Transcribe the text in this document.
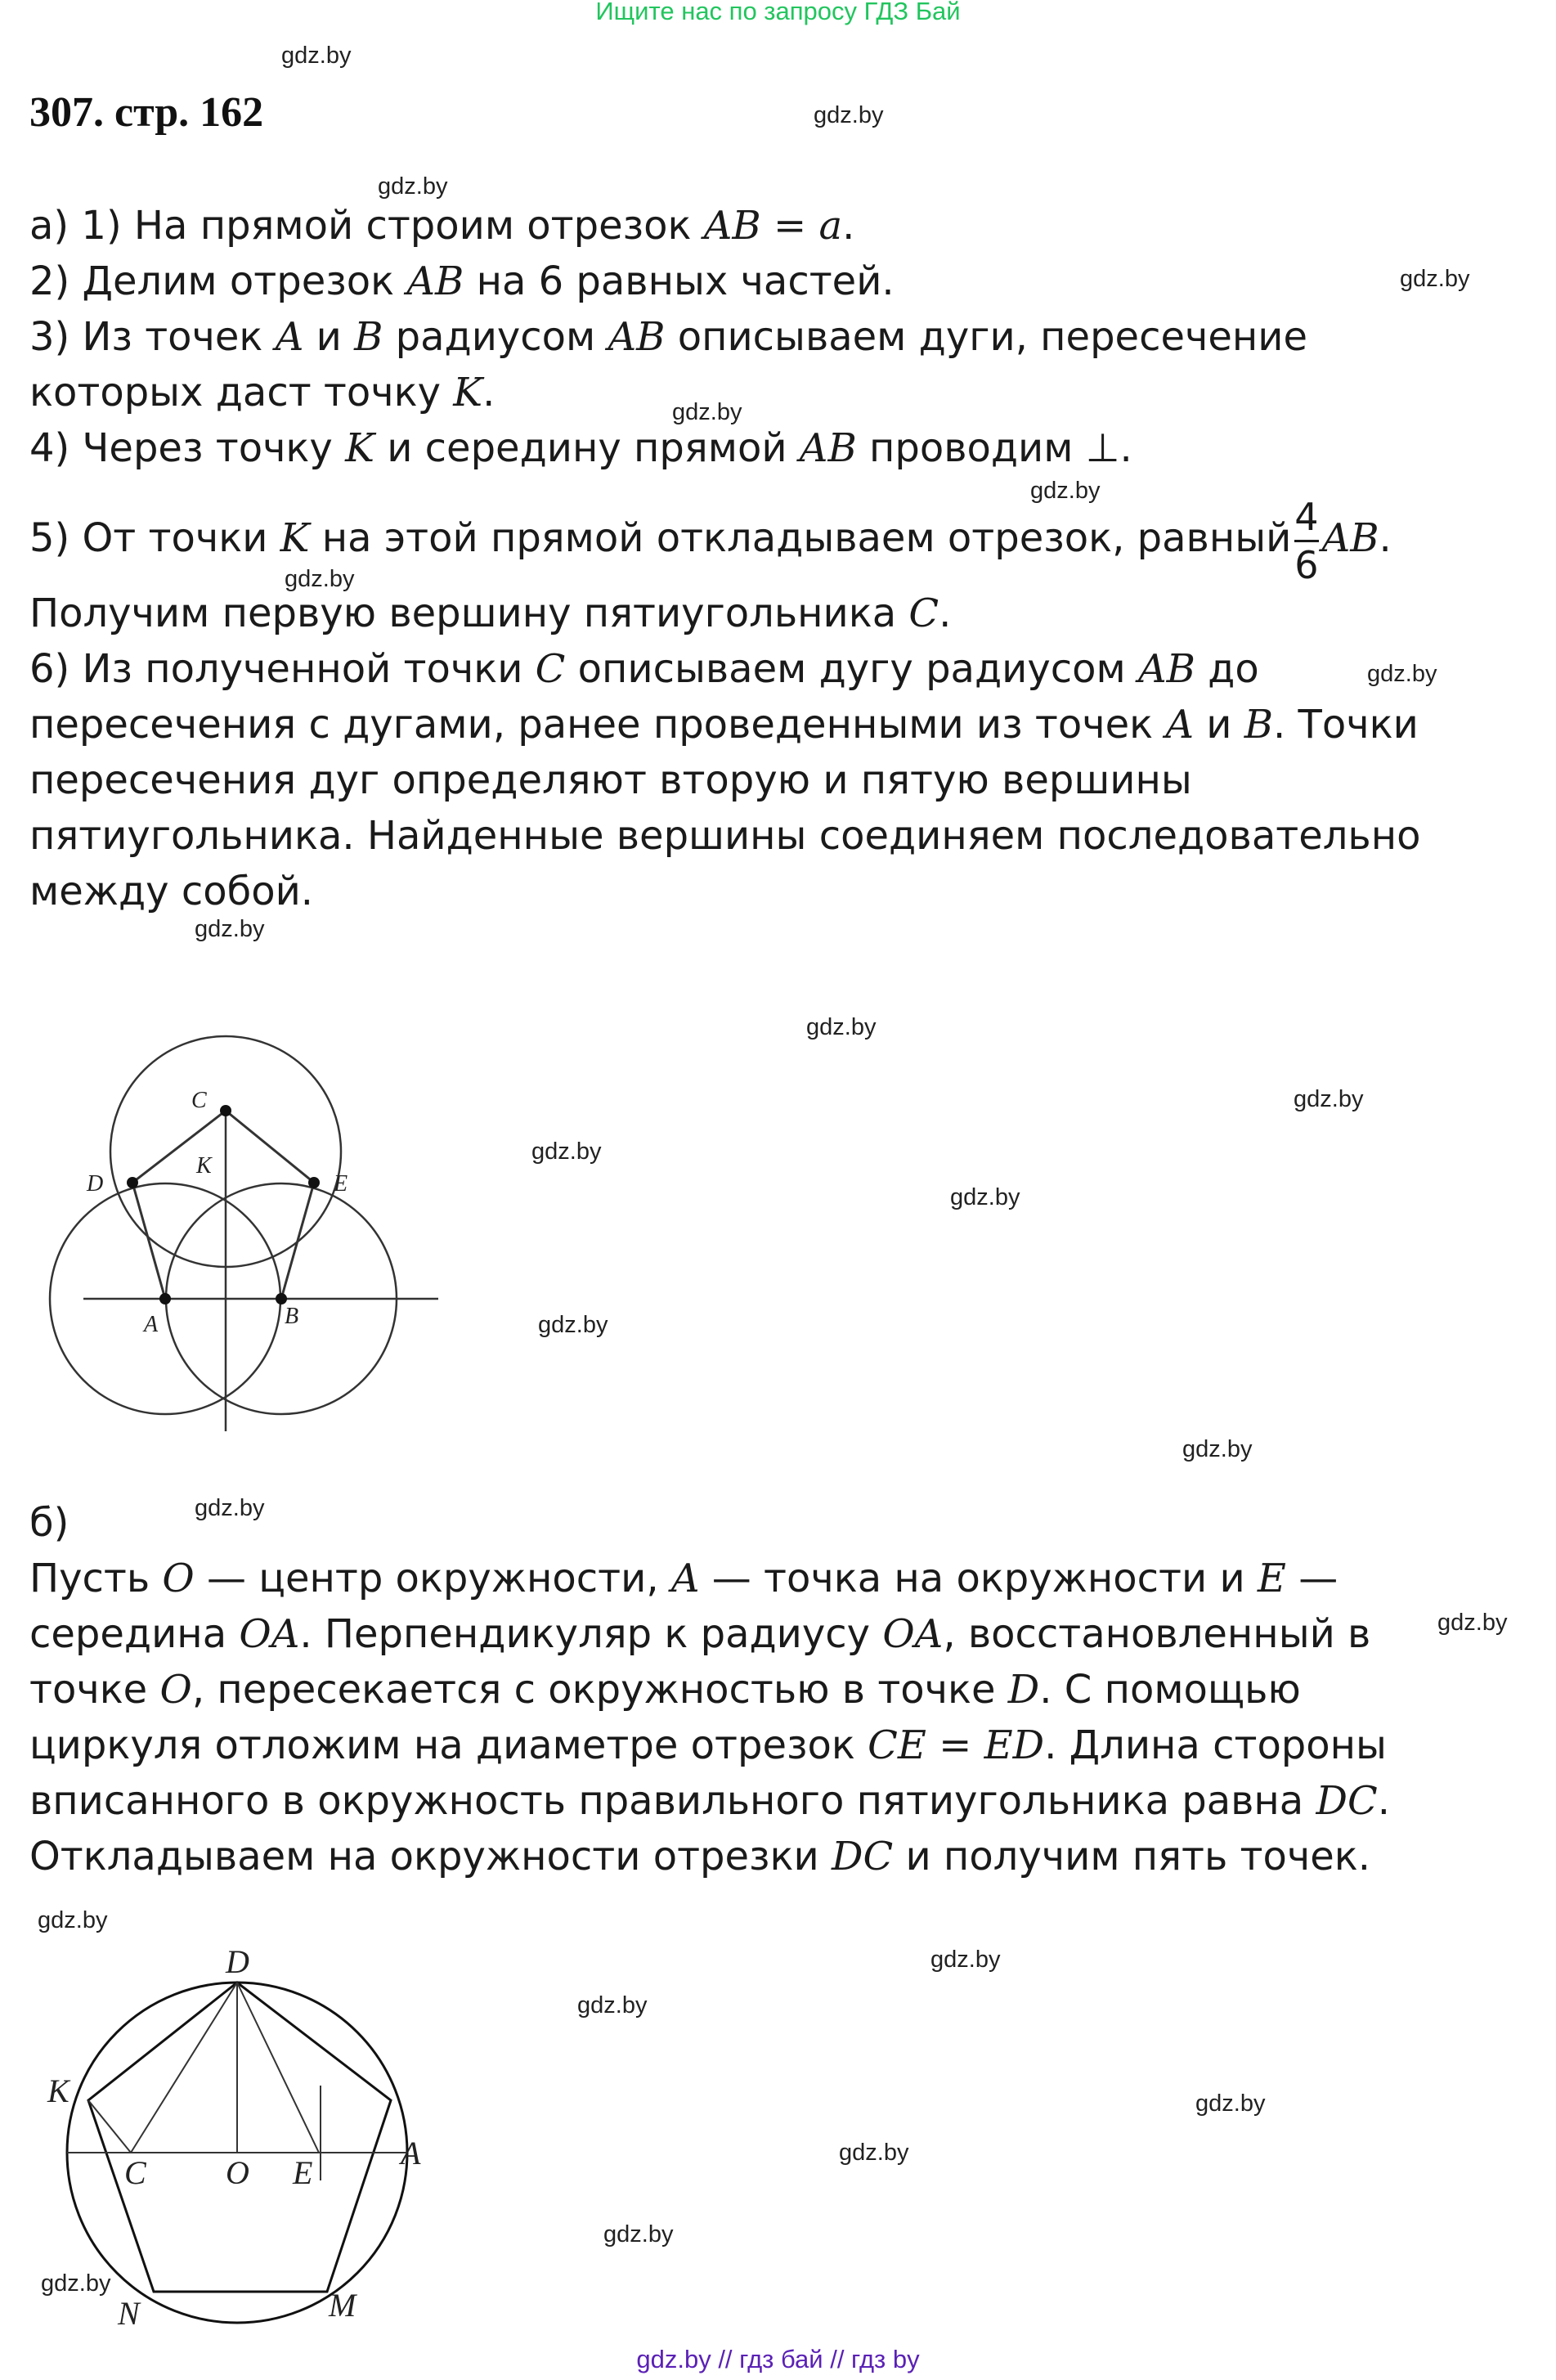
Ищите нас по запросу ГДЗ Бай
307. стр. 162
gdz.by
gdz.by
gdz.by
gdz.by
gdz.by
gdz.by
gdz.by
gdz.by
gdz.by
gdz.by
gdz.by
gdz.by
gdz.by
gdz.by
gdz.by
gdz.by
gdz.by
gdz.by
gdz.by
gdz.by
gdz.by
gdz.by
gdz.by
gdz.by
а) 1) На прямой строим отрезок AB = a.
2) Делим отрезок AB на 6 равных частей.
3) Из точек A и B радиусом AB описываем дуги, пересечение
которых даст точку K.
4) Через точку K и середину прямой AB проводим ⊥.
5) От точки K на этой прямой откладываем отрезок, равный $\frac{4}{6}$ AB.
Получим первую вершину пятиугольника C.
6) Из полученной точки C описываем дугу радиусом AB до
пересечения с дугами, ранее проведенными из точек A и B. Точки
пересечения дуг определяют вторую и пятую вершины
пятиугольника. Найденные вершины соединяем последовательно
между собой.
C
D	E
K
A	B
б)
Пусть O — центр окружности, A — точка на окружности и E —
середина OA. Перпендикуляр к радиусу OA, восстановленный в
точке O, пересекается с окружностью в точке D. С помощью
циркуля отложим на диаметре отрезок CE = ED. Длина стороны
вписанного в окружность правильного пятиугольника равна DC.
Откладываем на окружности отрезки DC и получим пять точек.
D
K
C O E
A
N	M
gdz.by // гдз бай // гдз by
